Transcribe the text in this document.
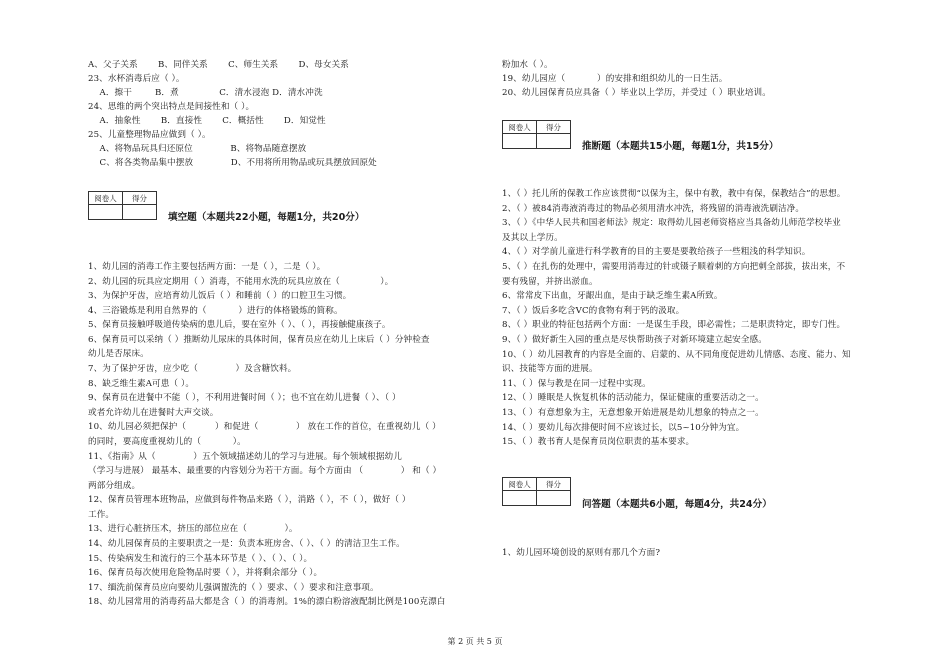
A、父子关系 　　B、同伴关系 　　C、师生关系 　　D、母女关系
23、水杯消毒后应（ ）。
　 A．擦干 　　 B．煮 　　　　 C．清水浸泡 D．清水冲洗
24、思维的两个突出特点是间接性和（ ）。
　 A．抽象性 　　B．直接性 　　C．概括性 　　D．知觉性
25、儿童整理物品应做到（ ）。
　 A、将物品玩具归还原位 　　　　B、将物品随意摆放
　 C、将各类物品集中摆放 　　　　D、不用将所用物品或玩具摆放回原处
阅卷人	得分
填空题（本题共22小题，每题1分，共20分）
1、幼儿园的消毒工作主要包括两方面：一是（ ），二是（ ）。
2、幼儿园的玩具应定期用（ ）消毒，不能用水洗的玩具应放在（ 　　　　 ）。
3、为保护牙齿，应培育幼儿饭后（ ）和睡前（ ）的口腔卫生习惯。
4、三浴锻炼是利用自然界的（ 　　　 ）进行的体格锻炼的简称。
5、保育员接触呼吸道传染病的患儿后，要在室外（ ）、（ ），再接触健康孩子。
6、保育员可以采纳（ ）推断幼儿尿床的具体时间，保育员应在幼儿上床后（ ）分钟检查
幼儿是否尿床。
7、为了保护牙齿，应少吃（ 　　　　）及含糖饮料。
8、缺乏维生素A可患（ ）。
9、保育员在进餐中不能（ ），不利用进餐时间（ ）；也不宜在幼儿进餐（ ）、（ ）
或者允许幼儿在进餐时大声交谈。
10、幼儿园必须把保护（ 　　　）和促进（ 　　　　） 放在工作的首位，在重视幼儿（ ）
的同时，要高度重视幼儿的（ 　　　 ）。
11、《指南》从（ 　　　　）五个领域描述幼儿的学习与进展。每个领域根据幼儿
（学习与进展） 最基本、最重要的内容划分为若干方面。每个方面由 （ 　　　　） 和（ ）
两部分组成。
12、保育员管理本班物品，应做到每件物品来路（ ），消路（ ），不（ ），做好（ ）
工作。
13、进行心脏挤压术，挤压的部位应在（ 　　　　）。
14、幼儿园保育员的主要职责之一是：负责本班房舍、（ ）、（ ）的清洁卫生工作。
15、传染病发生和流行的三个基本环节是（ ）、（ ）、（ ）。
16、保育员每次使用危险物品时要（ ），并将剩余部分（ ）。
17、缅洗前保育员应向要幼儿强调盥洗的（ ）要求、（ ）要求和注意事项。
18、幼儿园常用的消毒药品大都是含（ ）的消毒剂。1%的漂白粉溶液配制比例是100克漂白
粉加水（ ）。
19、幼儿园应（ 　　　 ）的安排和组织幼儿的一日生活。
20、幼儿园保育员应具备（ ）毕业以上学历，并受过（ ）职业培训。
阅卷人	得分
推断题（本题共15小题，每题1分，共15分）
1、（ ）托儿所的保教工作应该贯彻“以保为主，保中有教，教中有保，保教结合”的思想。
2、（ ）被84消毒液消毒过的物品必须用清水冲洗，将残留的消毒液洗刷洁净。
3、（ ）《中华人民共和国老师法》规定：取得幼儿园老师资格应当具备幼儿师范学校毕业
及其以上学历。
4、（ ）对学前儿童进行科学教育的目的主要是要教给孩子一些粗浅的科学知识。
5、（ ）在扎伤的处理中，需要用消毒过的针或镊子顺着刺的方向把刺全部拔，拔出来，不
要有残留，并挤出淤血。
6、常常皮下出血，牙龈出血，是由于缺乏维生素A所致。
7、（ ）饭后多吃含VC的食物有利于钙的汲取。
8、（ ）职业的特征包括两个方面：一是谋生手段，即必需性；二是职责特定，即专门性。
9、（ ）做好新生入园的重点是尽快帮助孩子对新环境建立起安全感。
10、（ ）幼儿园教育的内容是全面的、启蒙的、从不同角度促进幼儿情感、态度、能力、知
识、技能等方面的进展。
11、（ ）保与教是在同一过程中实现。
12、（ ）睡眠是人恢复机体的活动能力，保证健康的重要活动之一。
13、（ ）有意想象为主，无意想象开始进展是幼儿想象的特点之一。
14、（ ）要幼儿每次排便时间不应该过长，以5~10分钟为宜。
15、（ ）教书育人是保育员岗位职责的基本要求。
阅卷人	得分
问答题（本题共6小题，每题4分，共24分）
1、幼儿园环境创设的原则有那几个方面?
第 2 页 共 5 页
